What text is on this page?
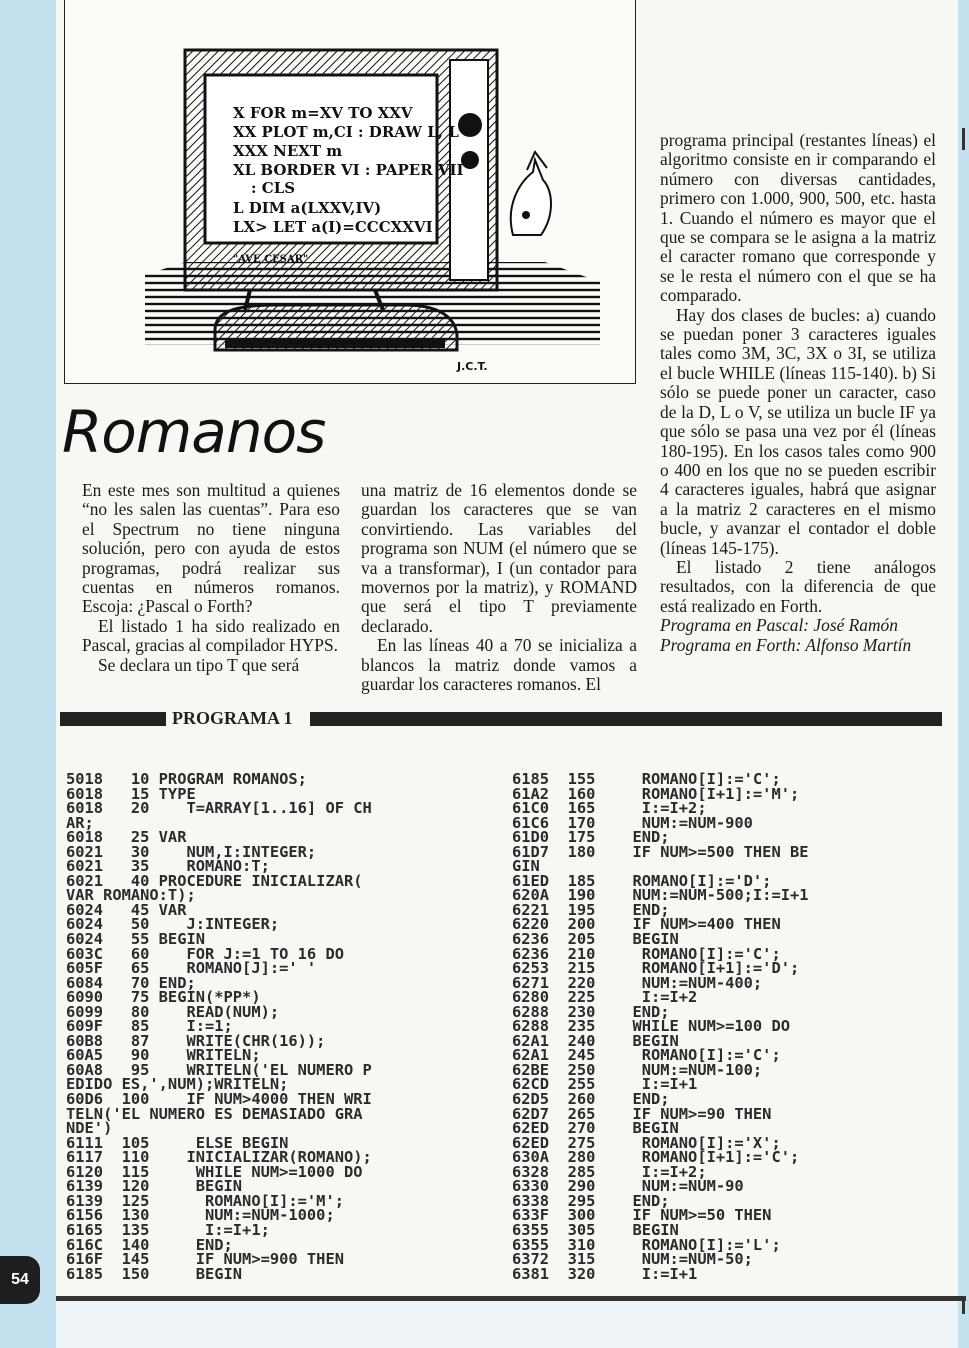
X FOR m=XV TO XXV
XX PLOT m,CI : DRAW L, L
XXX NEXT m
XL BORDER VI : PAPER VII
: CLS
L DIM a(LXXV,IV)
LX> LET a(I)=CCCXXVI
"AVE CESAR"
J.C.T.
Romanos

En este mes son multitud a quienes “no les salen las cuentas”. Para eso el Spectrum no tiene ninguna solución, pero con ayuda de estos programas, podrá realizar sus cuentas en números romanos. Escoja: ¿Pascal o Forth?

El listado 1 ha sido realizado en Pascal, gracias al compilador HYPS.

Se declara un tipo T que será

una matriz de 16 elementos donde se guardan los caracteres que se van convirtiendo. Las variables del programa son NUM (el número que se va a transformar), I (un contador para movernos por la matriz), y ROMAND que será el tipo T previamente declarado.

En las líneas 40 a 70 se inicializa a blancos la matriz donde vamos a guardar los caracteres romanos. El

programa principal (restantes líneas) el algoritmo consiste en ir comparando el número con diversas cantidades, primero con 1.000, 900, 500, etc. hasta 1. Cuando el número es mayor que el que se compara se le asigna a la matriz el caracter romano que corresponde y se le resta el número con el que se ha comparado.

Hay dos clases de bucles: a) cuando se puedan poner 3 caracteres iguales tales como 3M, 3C, 3X o 3I, se utiliza el bucle WHILE (líneas 115-140). b) Si sólo se puede poner un caracter, caso de la D, L o V, se utiliza un bucle IF ya que sólo se pasa una vez por él (líneas 180-195). En los casos tales como 900 o 400 en los que no se pueden escribir 4 caracteres iguales, habrá que asignar a la matriz 2 caracteres en el mismo bucle, y avanzar el contador el doble (líneas 145-175).

El listado 2 tiene análogos resultados, con la diferencia de que está realizado en Forth.

Programa en Pascal: José Ramón

Programa en Forth: Alfonso Martín

PROGRAMA 1
5018   10 PROGRAM ROMANOS;
6018   15 TYPE
6018   20    T=ARRAY[1..16] OF CH
AR;
6018   25 VAR
6021   30    NUM,I:INTEGER;
6021   35    ROMANO:T;
6021   40 PROCEDURE INICIALIZAR(
VAR ROMANO:T);
6024   45 VAR
6024   50    J:INTEGER;
6024   55 BEGIN
603C   60    FOR J:=1 TO 16 DO
605F   65    ROMANO[J]:=' '
6084   70 END;
6090   75 BEGIN(*PP*)
6099   80    READ(NUM);
609F   85    I:=1;
60B8   87    WRITE(CHR(16));
60A5   90    WRITELN;
60A8   95    WRITELN('EL NUMERO P
EDIDO ES,',NUM);WRITELN;
60D6  100    IF NUM>4000 THEN WRI
TELN('EL NUMERO ES DEMASIADO GRA
NDE')
6111  105     ELSE BEGIN
6117  110    INICIALIZAR(ROMANO);
6120  115     WHILE NUM>=1000 DO
6139  120     BEGIN
6139  125      ROMANO[I]:='M';
6156  130      NUM:=NUM-1000;
6165  135      I:=I+1;
616C  140     END;
616F  145     IF NUM>=900 THEN
6185  150     BEGIN
6185  155     ROMANO[I]:='C';
61A2  160     ROMANO[I+1]:='M';
61C0  165     I:=I+2;
61C6  170     NUM:=NUM-900
61D0  175    END;
61D7  180    IF NUM>=500 THEN BE
GIN
61ED  185    ROMANO[I]:='D';
620A  190    NUM:=NUM-500;I:=I+1
6221  195    END;
6220  200    IF NUM>=400 THEN
6236  205    BEGIN
6236  210     ROMANO[I]:='C';
6253  215     ROMANO[I+1]:='D';
6271  220     NUM:=NUM-400;
6280  225     I:=I+2
6288  230    END;
6288  235    WHILE NUM>=100 DO
62A1  240    BEGIN
62A1  245     ROMANO[I]:='C';
62BE  250     NUM:=NUM-100;
62CD  255     I:=I+1
62D5  260    END;
62D7  265    IF NUM>=90 THEN
62ED  270    BEGIN
62ED  275     ROMANO[I]:='X';
630A  280     ROMANO[I+1]:='C';
6328  285     I:=I+2;
6330  290     NUM:=NUM-90
6338  295    END;
633F  300    IF NUM>=50 THEN
6355  305    BEGIN
6355  310     ROMANO[I]:='L';
6372  315     NUM:=NUM-50;
6381  320     I:=I+1
54
